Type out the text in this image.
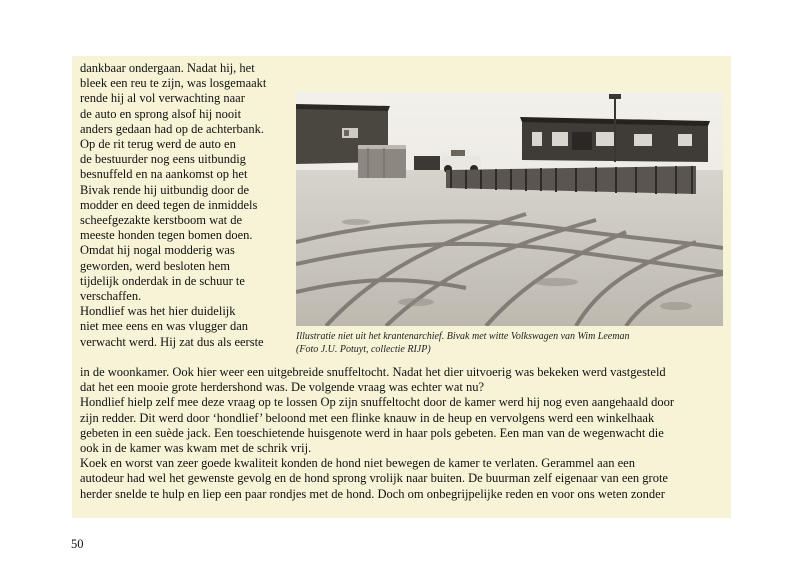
dankbaar ondergaan. Nadat hij, het
bleek een reu te zijn, was losgemaakt
rende hij al vol verwachting naar
de auto en sprong alsof hij nooit
anders gedaan had op de achterbank.
Op de rit terug werd de auto en
de bestuurder nog eens uitbundig
besnuffeld en na aankomst op het
Bivak rende hij uitbundig door de
modder en deed tegen de inmiddels
scheefgezakte kerstboom wat de
meeste honden tegen bomen doen.
Omdat hij nogal modderig was
geworden, werd besloten hem
tijdelijk onderdak in de schuur te
verschaffen.
Hondlief was het hier duidelijk
niet mee eens en was vlugger dan
verwacht werd. Hij zat dus als eerste	Illustratie niet uit het krantenarchief. Bivak met witte Volkswagen van Wim Leeman
(Foto J.U. Potuyt, collectie RIJP)
in de woonkamer. Ook hier weer een uitgebreide snuffeltocht. Nadat het dier uitvoerig was bekeken werd vastgesteld
dat het een mooie grote herdershond was. De volgende vraag was echter wat nu?
Hondlief hielp zelf mee deze vraag op te lossen Op zijn snuffeltocht door de kamer werd hij nog even aangehaald door
zijn redder. Dit werd door ‘hondlief’ beloond met een flinke knauw in de heup en vervolgens werd een winkelhaak
gebeten in een suède jack. Een toeschietende huisgenote werd in haar pols gebeten. Een man van de wegenwacht die
ook in de kamer was kwam met de schrik vrij.
Koek en worst van zeer goede kwaliteit konden de hond niet bewegen de kamer te verlaten. Gerammel aan een
autodeur had wel het gewenste gevolg en de hond sprong vrolijk naar buiten. De buurman zelf eigenaar van een grote
herder snelde te hulp en liep een paar rondjes met de hond. Doch om onbegrijpelijke reden en voor ons weten zonder
50
